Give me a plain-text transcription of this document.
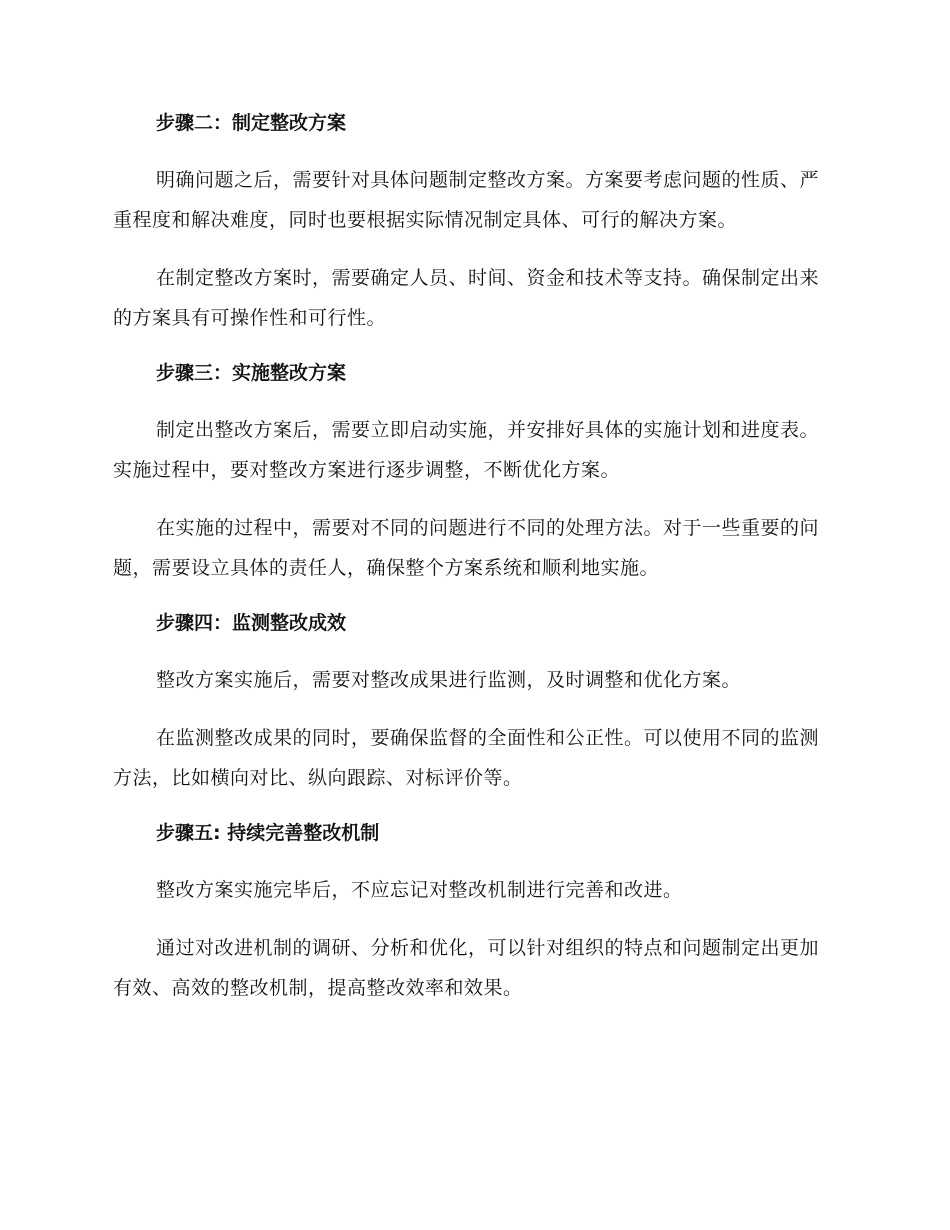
步骤二：制定整改方案

明确问题之后，需要针对具体问题制定整改方案。方案要考虑问题的性质、严重程度和解决难度，同时也要根据实际情况制定具体、可行的解决方案。

在制定整改方案时，需要确定人员、时间、资金和技术等支持。确保制定出来的方案具有可操作性和可行性。

步骤三：实施整改方案

制定出整改方案后，需要立即启动实施，并安排好具体的实施计划和进度表。实施过程中，要对整改方案进行逐步调整，不断优化方案。

在实施的过程中，需要对不同的问题进行不同的处理方法。对于一些重要的问题，需要设立具体的责任人，确保整个方案系统和顺利地实施。

步骤四：监测整改成效

整改方案实施后，需要对整改成果进行监测，及时调整和优化方案。

在监测整改成果的同时，要确保监督的全面性和公正性。可以使用不同的监测方法，比如横向对比、纵向跟踪、对标评价等。

步骤五: 持续完善整改机制

整改方案实施完毕后，不应忘记对整改机制进行完善和改进。

通过对改进机制的调研、分析和优化，可以针对组织的特点和问题制定出更加有效、高效的整改机制，提高整改效率和效果。
